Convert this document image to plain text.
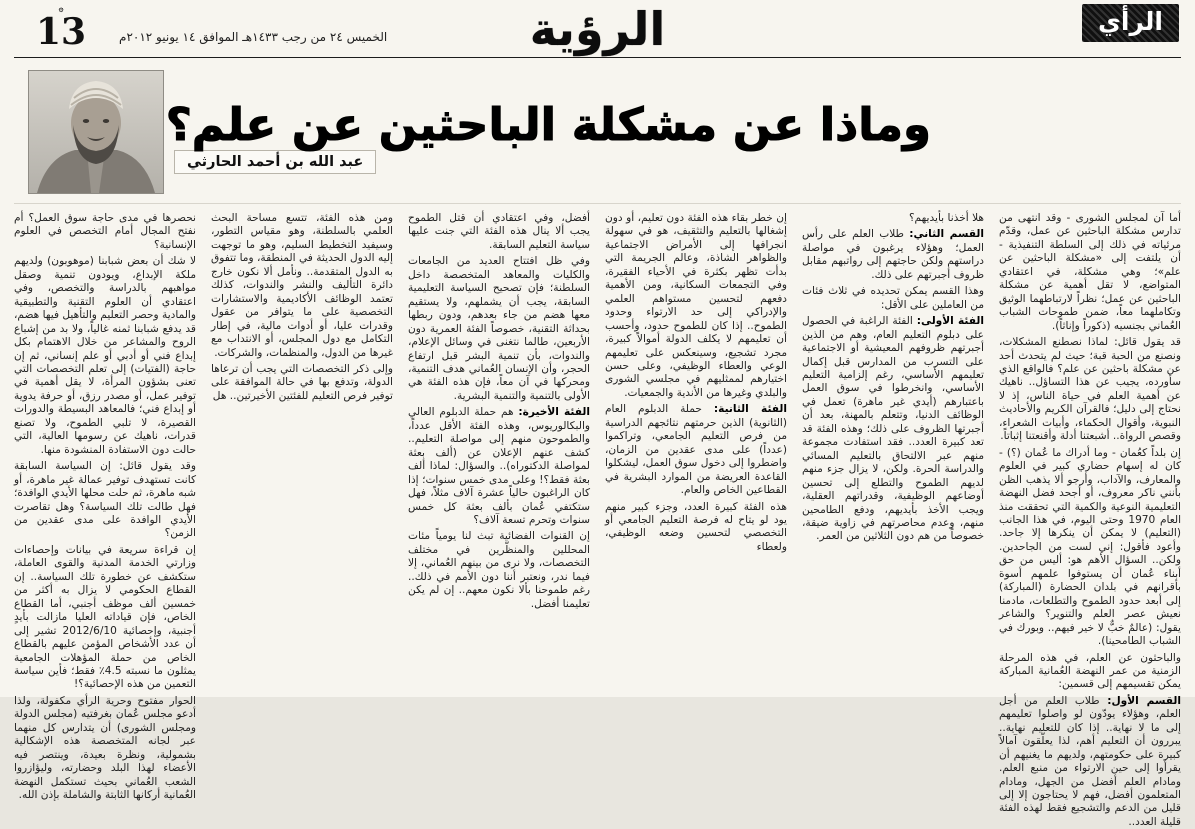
۞ 13	الخميس ٢٤ من رجب ١٤٣٣هـ الموافق ١٤ يونيو ٢٠١٢م	الرؤية	الرأي
عبد الله بن أحمد الحارثي
وماذا عن مشكلة الباحثين عن علم؟

أما آن لمجلس الشورى - وقد انتهى من تدارس مشكلة الباحثين عن عمل، وقدّم مرئياته في ذلك إلى السلطة التنفيذية - أن يلتفت إلى «مشكلة الباحثين عن علم»؛ وهي مشكلة، في اعتقادي المتواضع، لا تقل أهمية عن مشكلة الباحثين عن عمل؛ نظراً لارتباطهما الوثيق وتكاملهما معاً، ضمن طموحات الشباب العُماني بجنسيه (ذكوراً وإناثاً).

قد يقول قائل: لماذا نصطنع المشكلات، ونصنع من الحبة قبة؛ حيث لم يتحدث أحد عن مشكلة باحثين عن علم؟ فالواقع الذي سأورده، يجيب عن هذا التساؤل.. ناهيك عن أهمية العلم في حياة الناس، إذ لا نحتاج إلى دليل؛ فالقرآن الكريم والأحاديث النبوية، وأقوال الحكماء، وأبيات الشعراء، وقصص الرواة.. أشبعتنا أدلة وأقنعتنا إثباتاً.

إن بلداً كعُمان - وما أدراك ما عُمان (؟) - كان له إسهام حضاري كبير في العلوم والمعارف، والآداب، وأرجو ألا يذهب الظن بأنني ناكر معروف، أو أجحد فضل النهضة التعليمية النوعية والكمية التي تحققت منذ العام 1970 وحتى اليوم، في هذا الجانب (التعليم) لا يمكن أن ينكرها إلا جاحد. وأعود فأقول: إني لست من الجاحدين. ولكن.. السؤال الأهم هو: أليس من حق أبناء عُمان أن يستوفوا علمهم أسوة بأقرانهم في بلدان الحضارة (المباركة) إلى أبعد حدود الطموح والتطلعات، مادمنا نعيش عصر العلم والتنوير؟ والشاعر يقول: (عالمٌ خبٌّ لا خير فيهم.. وبورك في الشباب الطامحينا).

والباحثون عن العلم، في هذه المرحلة الزمنية من عمر النهضة العُمانية المباركة يمكن تقسيمهم إلى قسمين:

القسم الأول: طلاب العلم من أجل العلم، وهؤلاء يودّون لو واصلوا تعليمهم إلى ما لا نهاية.. إذا كان للتعليم نهاية.. يبررون أن التعليم أهم، لذا يعلّقون آمالاً كبيرة على حكومتهم، ولديهم ما يغنيهم أن يقرأوا إلى حين الارتواء من منبع العلم. ومادام العلم أفضل من الجهل، ومادام المتعلمون أفضل، فهم لا يحتاجون إلا إلى قليل من الدعم والتشجيع فقط لهذه الفئة قليلة العدد..

هلا أخذنا بأيديهم؟

القسم الثاني: طلاب العلم على رأس العمل؛ وهؤلاء يرغبون في مواصلة دراستهم ولكن حاجتهم إلى رواتبهم مقابل ظروف أجبرتهم على ذلك.

وهذا القسم يمكن تحديده في ثلاث فئات من العاملين على الأقل:

الفئة الأولى: الفئة الراغبة في الحصول على دبلوم التعليم العام، وهم من الذين أجبرتهم ظروفهم المعيشية أو الاجتماعية على التسرب من المدارس قبل إكمال تعليمهم الأساسي، رغم إلزامية التعليم الأساسي، وانخرطوا في سوق العمل باعتبارهم (أيدي غير ماهرة) تعمل في الوظائف الدنيا، وتتعلم بالمهنة، بعد أن أجبرتها الظروف على ذلك؛ وهذه الفئة قد تعد كبيرة العدد.. فقد استفادت مجموعة منهم عبر الالتحاق بالتعليم المسائي والدراسة الحرة. ولكن، لا يزال جزء منهم لديهم الطموح والتطلع إلى تحسين أوضاعهم الوظيفية، وقدراتهم العقلية، ويجب الأخذ بأيديهم، ودفع الطامحين منهم، وعدم محاصرتهم في زاوية ضيقة، خصوصاً من هم دون الثلاثين من العمر.

إن خطر بقاء هذه الفئة دون تعليم، أو دون إشغالها بالتعليم والتثقيف، هو في سهولة انجرافها إلى الأمراض الاجتماعية والظواهر الشاذة، وعالم الجريمة التي بدأت تظهر بكثرة في الأحياء الفقيرة، وفي التجمعات السكانية، ومن الأهمية دفعهم لتحسين مستواهم العلمي والإدراكي إلى حد الارتواء وحدود الطموح.. إذا كان للطموح حدود، وأحسب أن تعليمهم لا يكلف الدولة أموالاً كبيرة، مجرد تشجيع، وسينعكس على تعليمهم الوعي والعطاء الوظيفي، وعلى حسن اختيارهم لممثليهم في مجلسي الشورى والبلدي وغيرها من الأندية والجمعيات.

الفئة الثانية: حملة الدبلوم العام (الثانوية) الذين حرمتهم نتائجهم الدراسية من فرص التعليم الجامعي، وتراكموا (عدداً) على مدى عقدين من الزمان، واضطروا إلى دخول سوق العمل، ليشكلوا القاعدة العريضة من الموارد البشرية في القطاعين الخاص والعام.

هذه الفئة كبيرة العدد، وجزء كبير منهم يود لو يتاح له فرصة التعليم الجامعي أو التخصصي لتحسين وضعه الوظيفي، ولعطاء

أفضل، وفي اعتقادي أن قتل الطموح يجب ألا ينال هذه الفئة التي جنت عليها سياسة التعليم السابقة.

وفي ظل افتتاح العديد من الجامعات والكليات والمعاهد المتخصصة داخل السلطنة؛ فإن تصحيح السياسة التعليمية السابقة، يجب أن يشملهم، ولا يستقيم معها هضم من جاء بعدهم، ودون ربطها بحداثة التقنية، خصوصاً الفئة العمرية دون الأربعين، طالما نتغنى في وسائل الإعلام، والندوات، بأن تنمية البشر قبل ارتفاع الحجر، وأن الإنسان العُماني هدف التنمية، ومحركها في آن معاً، فإن هذه الفئة هي الأولى بالتنمية والتنمية البشرية.

الفئة الأخيرة: هم حملة الدبلوم العالي والبكالوريوس، وهذه الفئة الأقل عدداً، والطموحون منهم إلى مواصلة التعليم.. كشف عنهم الإعلان عن (ألف بعثة لمواصلة الدكتوراه).. والسؤال: لماذا ألف بعثة فقط؟! وعلى مدى خمس سنوات؛ إذا كان الراغبون حالياً عشرة آلاف مثلاً، فهل ستكتفي عُمان بألف بعثة كل خمس سنوات وتحرم تسعة آلاف؟

إن القنوات الفضائية تبث لنا يومياً مئات المحللين والمنظّرين في مختلف التخصصات، ولا نرى من بينهم العُماني، إلا فيما ندر، ونعتبر أننا دون الأمم في ذلك.. رغم طموحنا بألا نكون معهم.. إن لم يكن تعليمنا أفضل.

ومن هذه الفئة، تتسع مساحة البحث العلمي بالسلطنة، وهو مقياس التطور، وسيفيد التخطيط السليم، وهو ما توجهت إليه الدول الحديثة في المنطقة، وما تتفوق به الدول المتقدمة.. ونأمل ألا نكون خارج دائرة التأليف والنشر والندوات، كذلك تعتمد الوظائف الأكاديمية والاستشارات التخصصية على ما يتوافر من عقول وقدرات عليا، أو أدوات مالية، في إطار التكامل مع دول المجلس، أو الانتداب مع غيرها من الدول، والمنظمات، والشركات.

وإلى ذكر التخصصات التي يجب أن ترعاها الدولة، وتدفع بها في حالة الموافقة على توفير فرص التعليم للفئتين الأخيرتين.. هل

نحصرها في مدى حاجة سوق العمل؟ أم نفتح المجال أمام التخصص في العلوم الإنسانية؟

لا شك أن بعض شبابنا (موهوبون) ولديهم ملكة الإبداع، ويودون تنمية وصقل مواهبهم بالدراسة والتخصص، وفي اعتقادي أن العلوم التقنية والتطبيقية والمادية وحصر التعليم والتأهيل فيها هضم، قد يدفع شبابنا ثمنه غالياً، ولا بد من إشباع الروح والمشاعر من خلال الاهتمام بكل إبداع فني أو أدبي أو علم إنساني، ثم إن حاجة (الفتيات) إلى تعلم التخصصات التي تعنى بشؤون المرأة، لا يقل أهمية في توفير عمل، أو مصدر رزق، أو حرفة يدوية أو إبداع فني؛ فالمعاهد البسيطة والدورات القصيرة، لا تلبي الطموح، ولا تصنع قدرات، ناهيك عن رسومها العالية، التي حالت دون الاستفادة المنشودة منها.

وقد يقول قائل: إن السياسة السابقة كانت تستهدف توفير عمالة غير ماهرة، أو شبه ماهرة، ثم حلت محلها الأيدي الوافدة؛ فهل طالت تلك السياسة؟ وهل تقاصرت الأيدي الوافدة على مدى عقدين من الزمن؟

إن قراءة سريعة في بيانات وإحصاءات وزارتي الخدمة المدنية والقوى العاملة، ستكشف عن خطورة تلك السياسة.. إن القطاع الحكومي لا يزال به أكثر من خمسين ألف موظف أجنبي، أما القطاع الخاص، فإن قياداته العليا مازالت بأيدٍ أجنبية، وإحصائية 2012/6/10 تشير إلى أن عدد الأشخاص المؤمن عليهم بالقطاع الخاص من حملة المؤهلات الجامعية يمثلون ما نسبته 4.5٪ فقط؛ فأين سياسة التعمين من هذه الإحصائية؟!

الحوار مفتوح وحرية الرأي مكفولة، ولذا أدعو مجلس عُمان بغرفتيه (مجلس الدولة ومجلس الشورى) أن يتدارس كل منهما عبر لجانه المتخصصة هذه الإشكالية بشمولية، ونظرة بعيدة، وينتصر فيه الأعضاء لهذا البلد وحضارته، وليؤازروا الشعب العُماني بحيث تستكمل النهضة العُمانية أركانها الثابتة والشاملة بإذن الله.
